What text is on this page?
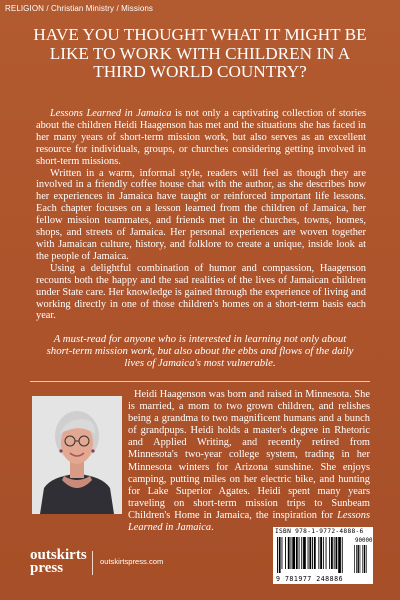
RELIGION / Christian Ministry / Missions
HAVE YOU THOUGHT WHAT IT MIGHT BE LIKE TO WORK WITH CHILDREN IN A THIRD WORLD COUNTRY?

Lessons Learned in Jamaica is not only a captivating collection of stories about the children Heidi Haagenson has met and the situations she has faced in her many years of short-term mission work, but also serves as an excellent resource for individuals, groups, or churches considering getting involved in short-term missions.

Written in a warm, informal style, readers will feel as though they are involved in a friendly coffee house chat with the author, as she describes how her experiences in Jamaica have taught or reinforced important life lessons. Each chapter focuses on a lesson learned from the children of Jamaica, her fellow mission teammates, and friends met in the churches, towns, homes, shops, and streets of Jamaica. Her personal experiences are woven together with Jamaican culture, history, and folklore to create a unique, inside look at the people of Jamaica.

Using a delightful combination of humor and compassion, Haagenson recounts both the happy and the sad realities of the lives of Jamaican children under State care. Her knowledge is gained through the experience of living and working directly in one of those children's homes on a short-term basis each year.

A must-read for anyone who is interested in learning not only about short-term mission work, but also about the ebbs and flows of the daily lives of Jamaica's most vulnerable.
Heidi Haagenson was born and raised in Minnesota. She is married, a mom to two grown children, and relishes being a grandma to two magnificent humans and a bunch of grandpups. Heidi holds a master's degree in Rhetoric and Applied Writing, and recently retired from Minnesota's two-year college system, trading in her Minnesota winters for Arizona sunshine. She enjoys camping, putting miles on her electric bike, and hunting for Lake Superior Agates. Heidi spent many years traveling on short-term mission trips to Sunbeam Children's Home in Jamaica, the inspiration for Lessons Learned in Jamaica.	ISBN 978-1-9772-4888-6
90000
9 781977 248886
outskirts press	outskirtspress.com
